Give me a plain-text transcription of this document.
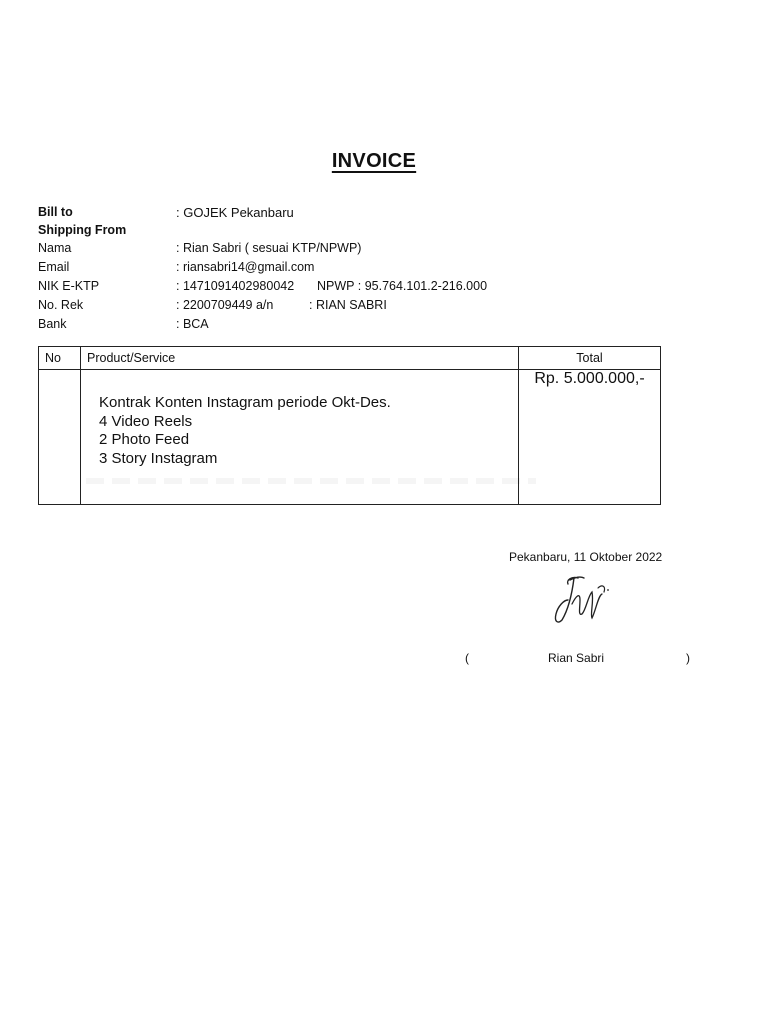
INVOICE
Bill to	: GOJEK Pekanbaru
Shipping From
Nama	: Rian Sabri ( sesuai KTP/NPWP)
Email	: riansabri14@gmail.com
NIK E-KTP	: 1471091402980042 NPWP : 95.764.101.2-216.000
No. Rek	: 2200709449 a/n	: RIAN SABRI
Bank	: BCA
No	Product/Service	Total

	Kontrak Konten Instagram periode Okt-Des.
4 Video Reels
2 Photo Feed
3 Story Instagram	Rp. 5.000.000,-
Pekanbaru, 11 Oktober 2022
(	Rian Sabri	)
